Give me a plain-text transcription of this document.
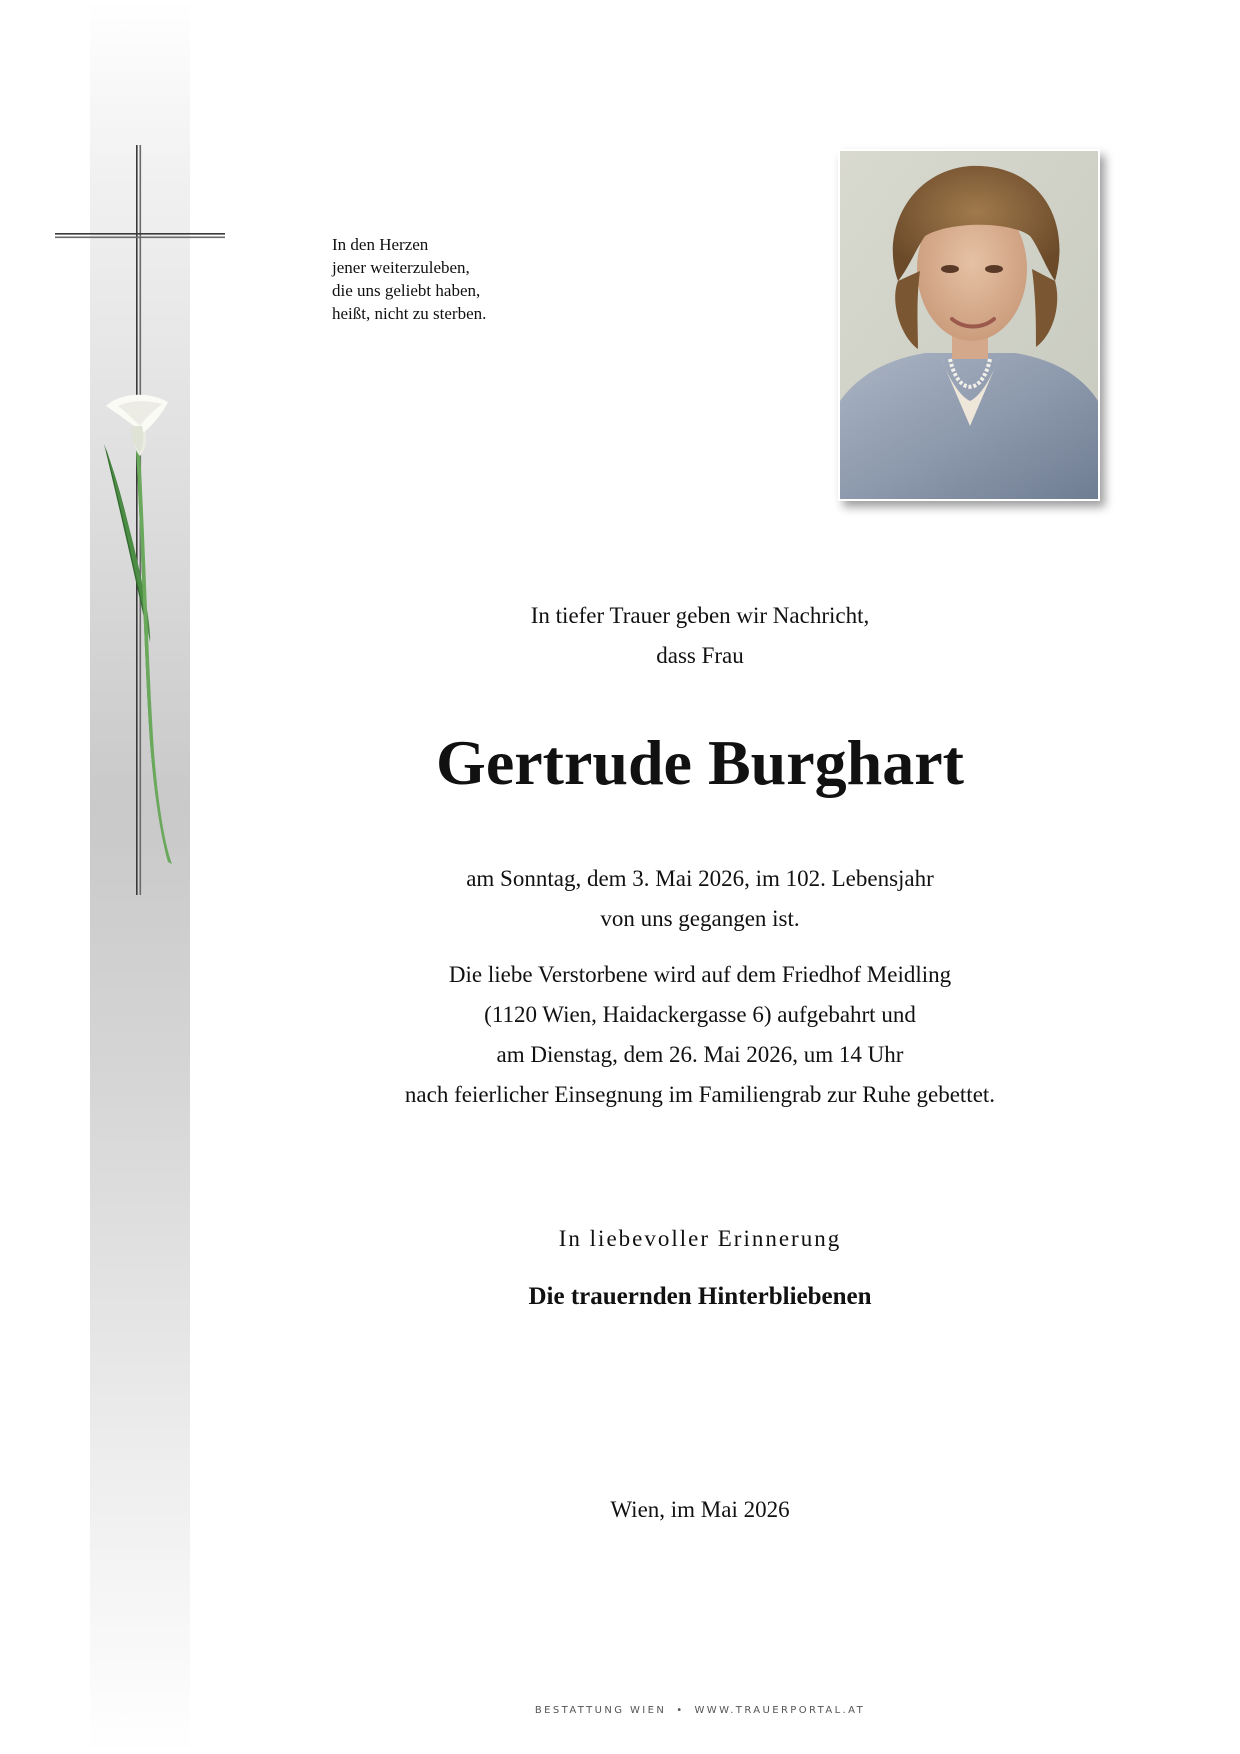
In den Herzen
jener weiterzuleben,
die uns geliebt haben,
heißt, nicht zu sterben.
In tiefer Trauer geben wir Nachricht,
dass Frau
Gertrude Burghart
am Sonntag, dem 3. Mai 2026, im 102. Lebensjahr
von uns gegangen ist.
Die liebe Verstorbene wird auf dem Friedhof Meidling
(1120 Wien, Haidackergasse 6) aufgebahrt und
am Dienstag, dem 26. Mai 2026, um 14 Uhr
nach feierlicher Einsegnung im Familiengrab zur Ruhe gebettet.
In liebevoller Erinnerung
Die trauernden Hinterbliebenen
Wien, im Mai 2026
BESTATTUNG WIEN • WWW.TRAUERPORTAL.AT
